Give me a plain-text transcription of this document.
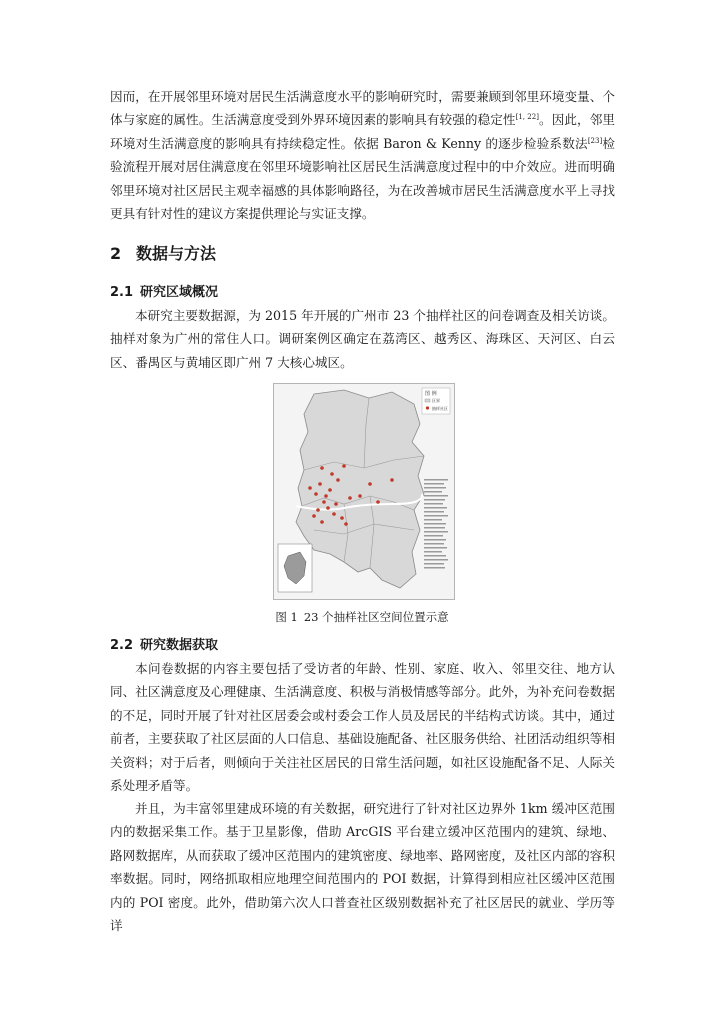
因而，在开展邻里环境对居民生活满意度水平的影响研究时，需要兼顾到邻里环境变量、个体与家庭的属性。生活满意度受到外界环境因素的影响具有较强的稳定性[1, 22]。因此，邻里环境对生活满意度的影响具有持续稳定性。依据 Baron & Kenny 的逐步检验系数法[23]检验流程开展对居住满意度在邻里环境影响社区居民生活满意度过程中的中介效应。进而明确邻里环境对社区居民主观幸福感的具体影响路径，为在改善城市居民生活满意度水平上寻找更具有针对性的建议方案提供理论与实证支撑。

2 数据与方法
2.1 研究区域概况

本研究主要数据源，为 2015 年开展的广州市 23 个抽样社区的问卷调查及相关访谈。抽样对象为广州的常住人口。调研案例区确定在荔湾区、越秀区、海珠区、天河区、白云区、番禺区与黄埔区即广州 7 大核心城区。

图 例
区界
抽样社区

图 1 23 个抽样社区空间位置示意

2.2 研究数据获取

本问卷数据的内容主要包括了受访者的年龄、性别、家庭、收入、邻里交往、地方认同、社区满意度及心理健康、生活满意度、积极与消极情感等部分。此外，为补充问卷数据的不足，同时开展了针对社区居委会或村委会工作人员及居民的半结构式访谈。其中，通过前者，主要获取了社区层面的人口信息、基础设施配备、社区服务供给、社团活动组织等相关资料；对于后者，则倾向于关注社区居民的日常生活问题，如社区设施配备不足、人际关系处理矛盾等。

并且，为丰富邻里建成环境的有关数据，研究进行了针对社区边界外 1km 缓冲区范围内的数据采集工作。基于卫星影像，借助 ArcGIS 平台建立缓冲区范围内的建筑、绿地、路网数据库，从而获取了缓冲区范围内的建筑密度、绿地率、路网密度，及社区内部的容积率数据。同时，网络抓取相应地理空间范围内的 POI 数据，计算得到相应社区缓冲区范围内的 POI 密度。此外，借助第六次人口普查社区级别数据补充了社区居民的就业、学历等详
